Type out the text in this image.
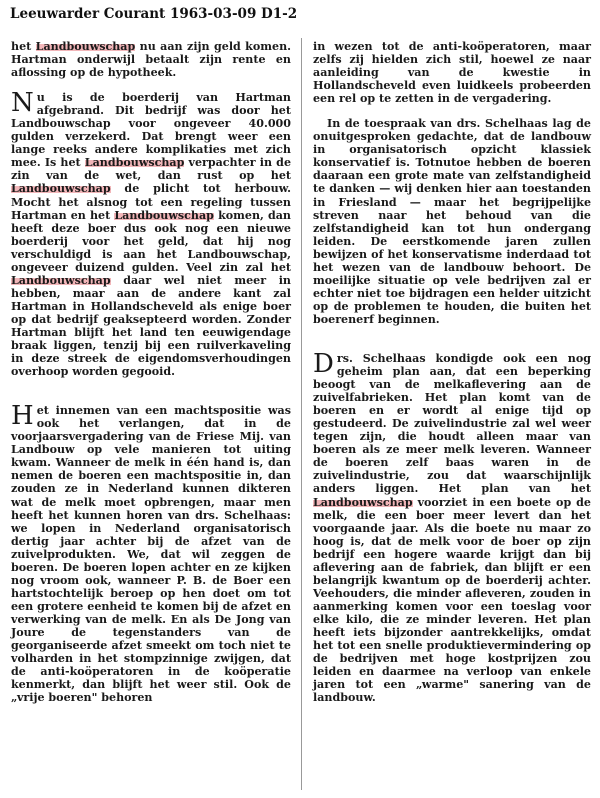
Leeuwarder Courant 1963-03-09 D1-2

het Landbouwschap nu aan zijn geld komen. Hartman onderwijl betaalt zijn rente en aflossing op de hypotheek.

Nu is de boerderij van Hartman afgebrand. Dit bedrijf was door het Landbouwschap voor ongeveer 40.000 gulden verzekerd. Dat brengt weer een lange reeks andere komplikaties met zich mee. Is het Landbouwschap verpachter in de zin van de wet, dan rust op het Landbouwschap de plicht tot herbouw. Mocht het alsnog tot een regeling tussen Hartman en het Landbouwschap komen, dan heeft deze boer dus ook nog een nieuwe boerderij voor het geld, dat hij nog verschuldigd is aan het Landbouwschap, ongeveer duizend gulden. Veel zin zal het Landbouwschap daar wel niet meer in hebben, maar aan de andere kant zal Hartman in Hollandscheveld als enige boer op dat bedrijf geaksepteerd worden. Zonder Hartman blijft het land ten eeuwigendage braak liggen, tenzij bij een ruilverkaveling in deze streek de eigendomsverhoudingen overhoop worden gegooid.

Het innemen van een machtspositie was ook het verlangen, dat in de voorjaarsvergadering van de Friese Mij. van Landbouw op vele manieren tot uiting kwam. Wanneer de melk in één hand is, dan nemen de boeren een machtspositie in, dan zouden ze in Nederland kunnen dikteren wat de melk moet opbrengen, maar men heeft het kunnen horen van drs. Schelhaas: we lopen in Nederland organisatorisch dertig jaar achter bij de afzet van de zuivelprodukten. We, dat wil zeggen de boeren. De boeren lopen achter en ze kijken nog vroom ook, wanneer P. B. de Boer een hartstochtelijk beroep op hen doet om tot een grotere eenheid te komen bij de afzet en verwerking van de melk. En als De Jong van Joure de tegenstanders van de georganiseerde afzet smeekt om toch niet te volharden in het stompzinnige zwijgen, dat de anti-koöperatoren in de koöperatie kenmerkt, dan blijft het weer stil. Ook de „vrije boeren" behoren

in wezen tot de anti-koöperatoren, maar zelfs zij hielden zich stil, hoewel ze naar aanleiding van de kwestie in Hollandscheveld even luidkeels probeerden een rel op te zetten in de vergadering.

In de toespraak van drs. Schelhaas lag de onuitgesproken gedachte, dat de landbouw in organisatorisch opzicht klassiek konservatief is. Totnutoe hebben de boeren daaraan een grote mate van zelfstandigheid te danken — wij denken hier aan toestanden in Friesland — maar het begrijpelijke streven naar het behoud van die zelfstandigheid kan tot hun ondergang leiden. De eerstkomende jaren zullen bewijzen of het konservatisme inderdaad tot het wezen van de landbouw behoort. De moeilijke situatie op vele bedrijven zal er echter niet toe bijdragen een helder uitzicht op de problemen te houden, die buiten het boerenerf beginnen.

Drs. Schelhaas kondigde ook een nog geheim plan aan, dat een beperking beoogt van de melkaflevering aan de zuivelfabrieken. Het plan komt van de boeren en er wordt al enige tijd op gestudeerd. De zuivelindustrie zal wel weer tegen zijn, die houdt alleen maar van boeren als ze meer melk leveren. Wanneer de boeren zelf baas waren in de zuivelindustrie, zou dat waarschijnlijk anders liggen. Het plan van het Landbouwschap voorziet in een boete op de melk, die een boer meer levert dan het voorgaande jaar. Als die boete nu maar zo hoog is, dat de melk voor de boer op zijn bedrijf een hogere waarde krijgt dan bij aflevering aan de fabriek, dan blijft er een belangrijk kwantum op de boerderij achter. Veehouders, die minder afleveren, zouden in aanmerking komen voor een toeslag voor elke kilo, die ze minder leveren. Het plan heeft iets bijzonder aantrekkelijks, omdat het tot een snelle produktievermindering op de bedrijven met hoge kostprijzen zou leiden en daarmee na verloop van enkele jaren tot een „warme" sanering van de landbouw.
